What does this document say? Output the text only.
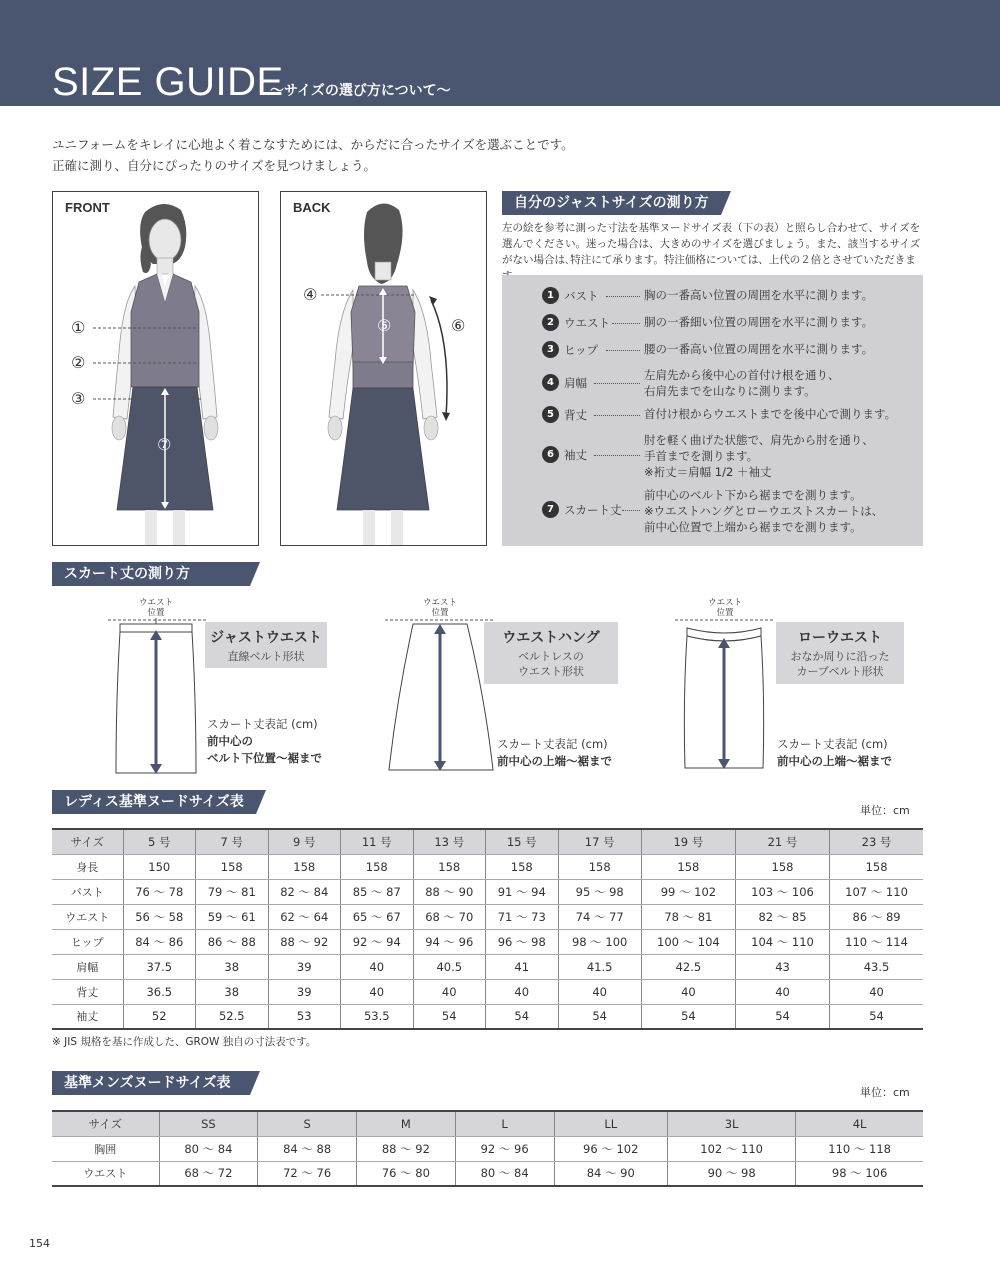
SIZE GUIDE
～サイズの選び方について～
ユニフォームをキレイに心地よく着こなすためには、からだに合ったサイズを選ぶことです。
正確に測り、自分にぴったりのサイズを見つけましょう。
FRONT
①
②
③
⑦
BACK
④
⑤	⑥
自分のジャストサイズの測り方
左の絵を参考に測った寸法を基準ヌードサイズ表（下の表）と照らし合わせて、サイズを
選んでください。迷った場合は、大きめのサイズを選びましょう。また、該当するサイズ
がない場合は､特注にて承ります。特注価格については、上代の２倍とさせていただきま
1 バスト	胸の一番高い位置の周囲を水平に測ります。
2 ウエスト	胴の一番細い位置の周囲を水平に測ります。
3 ヒップ	腰の一番高い位置の周囲を水平に測ります。
4 肩幅
左肩先から後中心の首付け根を通り、
右肩先までを山なりに測ります。
5 背丈	首付け根からウエストまでを後中心で測ります。
6 袖丈
肘を軽く曲げた状態で、肩先から肘を通り、
手首までを測ります。
※裄丈＝肩幅 1/2 ＋袖丈
7 スカート丈
前中心のベルト下から裾までを測ります。
※ウエストハングとローウエストスカートは、
前中心位置で上端から裾までを測ります。
スカート丈の測り方
ウエスト
位置
ジャストウエスト
直線ベルト形状
スカート丈表記 (cm)
前中心の
ベルト下位置～裾まで
ウエスト
位置
ウエストハング
ベルトレスの
ウエスト形状
スカート丈表記 (cm)
前中心の上端～裾まで
ウエスト
位置
ローウエスト
おなか周りに沿った
カーブベルト形状
スカート丈表記 (cm)
前中心の上端～裾まで
レディス基準ヌードサイズ表
単位：cm
サイズ	5 号	7 号	9 号	11 号	13 号	15 号	17 号	19 号	21 号	23 号
身長	150	158	158	158	158	158	158	158	158	158
バスト	76 ～ 78	79 ～ 81	82 ～ 84	85 ～ 87	88 ～ 90	91 ～ 94	95 ～ 98	99 ～ 102	103 ～ 106	107 ～ 110
ウエスト	56 ～ 58	59 ～ 61	62 ～ 64	65 ～ 67	68 ～ 70	71 ～ 73	74 ～ 77	78 ～ 81	82 ～ 85	86 ～ 89
ヒップ	84 ～ 86	86 ～ 88	88 ～ 92	92 ～ 94	94 ～ 96	96 ～ 98	98 ～ 100	100 ～ 104	104 ～ 110	110 ～ 114
肩幅	37.5	38	39	40	40.5	41	41.5	42.5	43	43.5
背丈	36.5	38	39	40	40	40	40	40	40	40
袖丈	52	52.5	53	53.5	54	54	54	54	54	54
※ JIS 規格を基に作成した、GROW 独自の寸法表です。
基準メンズヌードサイズ表
単位：cm
サイズ	SS	S	M	L	LL	3L	4L
胸囲	80 ～ 84	84 ～ 88	88 ～ 92	92 ～ 96	96 ～ 102	102 ～ 110	110 ～ 118
ウエスト	68 ～ 72	72 ～ 76	76 ～ 80	80 ～ 84	84 ～ 90	90 ～ 98	98 ～ 106
154
